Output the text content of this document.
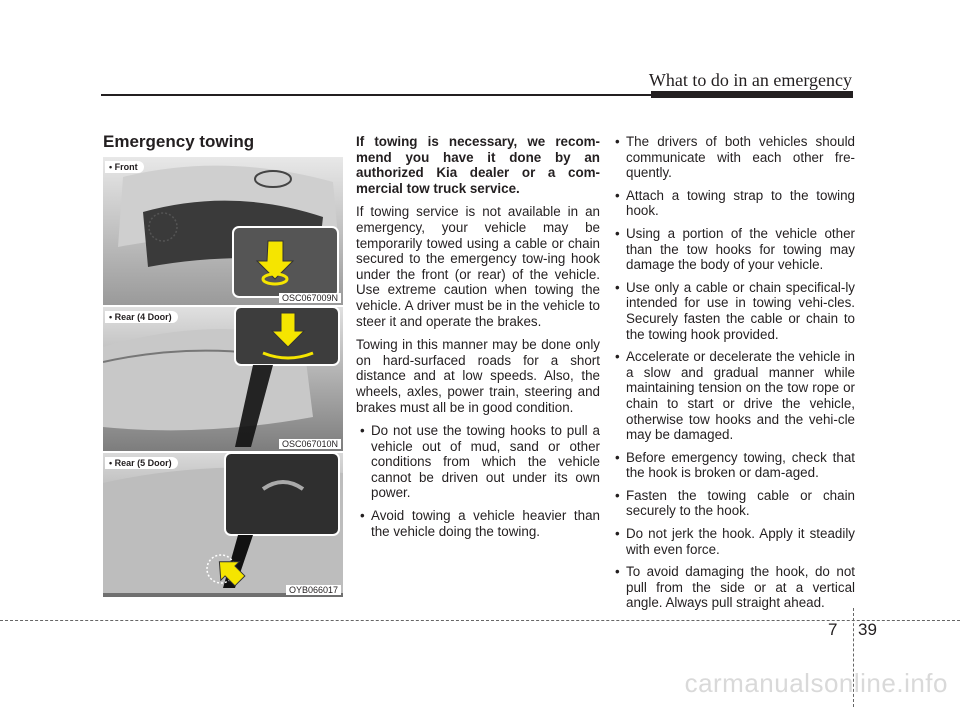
What to do in an emergency
Emergency towing
• Front
OSC067009N
• Rear (4 Door)
OSC067010N
• Rear (5 Door)
OYB066017

If towing is necessary, we recom-mend you have it done by an authorized Kia dealer or a com-mercial tow truck service.

If towing service is not available in an emergency, your vehicle may be temporarily towed using a cable or chain secured to the emergency tow-ing hook under the front (or rear) of the vehicle. Use extreme caution when towing the vehicle. A driver must be in the vehicle to steer it and operate the brakes.

Towing in this manner may be done only on hard-surfaced roads for a short distance and at low speeds. Also, the wheels, axles, power train, steering and brakes must all be in good condition.

• Do not use the towing hooks to pull a vehicle out of mud, sand or other conditions from which the vehicle cannot be driven out under its own power.
• Avoid towing a vehicle heavier than the vehicle doing the towing.
• The drivers of both vehicles should communicate with each other fre-quently.
• Attach a towing strap to the towing hook.
• Using a portion of the vehicle other than the tow hooks for towing may damage the body of your vehicle.
• Use only a cable or chain specifical-ly intended for use in towing vehi-cles. Securely fasten the cable or chain to the towing hook provided.
• Accelerate or decelerate the vehicle in a slow and gradual manner while maintaining tension on the tow rope or chain to start or drive the vehicle, otherwise tow hooks and the vehi-cle may be damaged.
• Before emergency towing, check that the hook is broken or dam-aged.
• Fasten the towing cable or chain securely to the hook.
• Do not jerk the hook. Apply it steadily with even force.
• To avoid damaging the hook, do not pull from the side or at a vertical angle. Always pull straight ahead.
7 39
carmanualsonline.info
